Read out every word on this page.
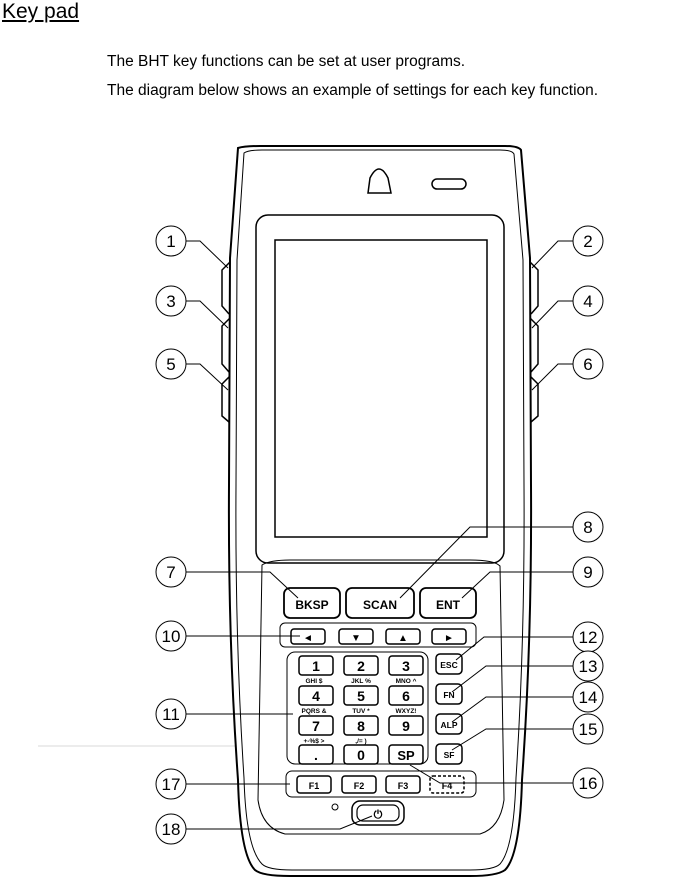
Key pad
The BHT key functions can be set at user programs.
The diagram below shows an example of settings for each key function.
BKSP	SCAN	ENT
◄	▼	▲	►
1	2	3
GHI $	JKL %	MNO ^
4	5	6
PQRS &	TUV *	WXYZ!
7	8	9
+-%$ >	,/= )
.	0 SP
ESC
FN
ALP
SF
F1	F2	F3	F4
⏻
1	2
3	4
5	6
7
8
9
10
11
12
13
14
15
16
17
18
